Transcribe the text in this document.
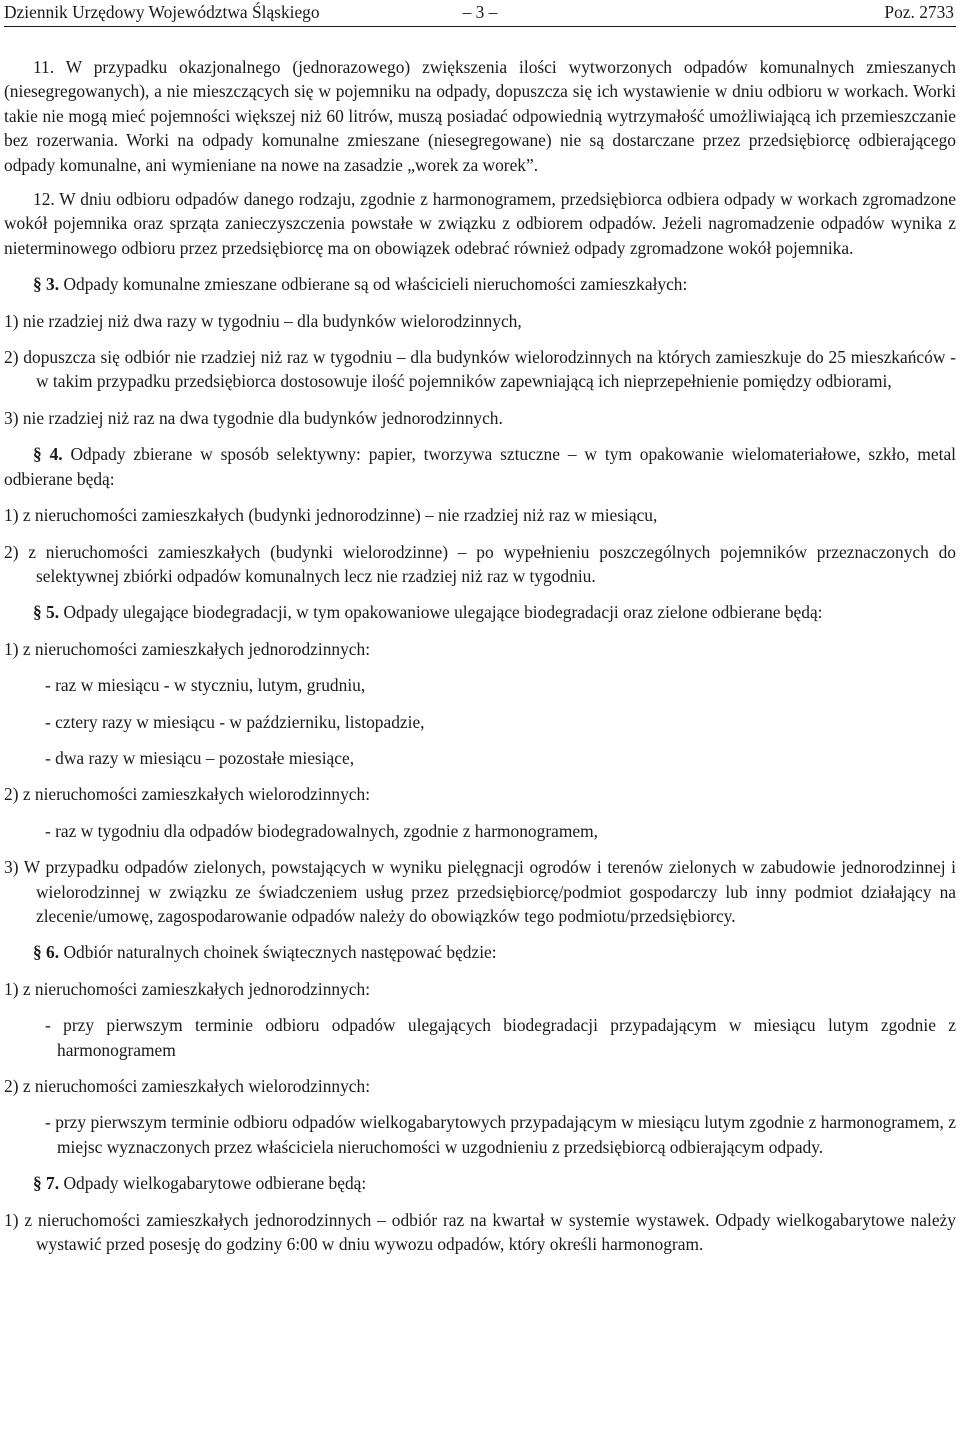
Dziennik Urzędowy Województwa Śląskiego	– 3 –	Poz. 2733

11. W przypadku okazjonalnego (jednorazowego) zwiększenia ilości wytworzonych odpadów komunalnych zmieszanych (niesegregowanych), a nie mieszczących się w pojemniku na odpady, dopuszcza się ich wystawienie w dniu odbioru w workach. Worki takie nie mogą mieć pojemności większej niż 60 litrów, muszą posiadać odpowiednią wytrzymałość umożliwiającą ich przemieszczanie bez rozerwania. Worki na odpady komunalne zmieszane (niesegregowane) nie są dostarczane przez przedsiębiorcę odbierającego odpady komunalne, ani wymieniane na nowe na zasadzie „worek za worek”.

12. W dniu odbioru odpadów danego rodzaju, zgodnie z harmonogramem, przedsiębiorca odbiera odpady w workach zgromadzone wokół pojemnika oraz sprząta zanieczyszczenia powstałe w związku z odbiorem odpadów. Jeżeli nagromadzenie odpadów wynika z nieterminowego odbioru przez przedsiębiorcę ma on obowiązek odebrać również odpady zgromadzone wokół pojemnika.

§ 3. Odpady komunalne zmieszane odbierane są od właścicieli nieruchomości zamieszkałych:

1) nie rzadziej niż dwa razy w tygodniu – dla budynków wielorodzinnych,

2) dopuszcza się odbiór nie rzadziej niż raz w tygodniu – dla budynków wielorodzinnych na których zamieszkuje do 25 mieszkańców - w takim przypadku przedsiębiorca dostosowuje ilość pojemników zapewniającą ich nieprzepełnienie pomiędzy odbiorami,

3) nie rzadziej niż raz na dwa tygodnie dla budynków jednorodzinnych.

§ 4. Odpady zbierane w sposób selektywny: papier, tworzywa sztuczne – w tym opakowanie wielomateriałowe, szkło, metal odbierane będą:

1) z nieruchomości zamieszkałych (budynki jednorodzinne) – nie rzadziej niż raz w miesiącu,

2) z nieruchomości zamieszkałych (budynki wielorodzinne) – po wypełnieniu poszczególnych pojemników przeznaczonych do selektywnej zbiórki odpadów komunalnych lecz nie rzadziej niż raz w tygodniu.

§ 5. Odpady ulegające biodegradacji, w tym opakowaniowe ulegające biodegradacji oraz zielone odbierane będą:

1) z nieruchomości zamieszkałych jednorodzinnych:

- raz w miesiącu - w styczniu, lutym, grudniu,

- cztery razy w miesiącu - w październiku, listopadzie,

- dwa razy w miesiącu – pozostałe miesiące,

2) z nieruchomości zamieszkałych wielorodzinnych:

- raz w tygodniu dla odpadów biodegradowalnych, zgodnie z harmonogramem,

3) W przypadku odpadów zielonych, powstających w wyniku pielęgnacji ogrodów i terenów zielonych w zabudowie jednorodzinnej i wielorodzinnej w związku ze świadczeniem usług przez przedsiębiorcę/podmiot gospodarczy lub inny podmiot działający na zlecenie/umowę, zagospodarowanie odpadów należy do obowiązków tego podmiotu/przedsiębiorcy.

§ 6. Odbiór naturalnych choinek świątecznych następować będzie:

1) z nieruchomości zamieszkałych jednorodzinnych:

- przy pierwszym terminie odbioru odpadów ulegających biodegradacji przypadającym w miesiącu lutym zgodnie z harmonogramem

2) z nieruchomości zamieszkałych wielorodzinnych:

- przy pierwszym terminie odbioru odpadów wielkogabarytowych przypadającym w miesiącu lutym zgodnie z harmonogramem, z miejsc wyznaczonych przez właściciela nieruchomości w uzgodnieniu z przedsiębiorcą odbierającym odpady.

§ 7. Odpady wielkogabarytowe odbierane będą:

1) z nieruchomości zamieszkałych jednorodzinnych – odbiór raz na kwartał w systemie wystawek. Odpady wielkogabarytowe należy wystawić przed posesję do godziny 6:00 w dniu wywozu odpadów, który określi harmonogram.
